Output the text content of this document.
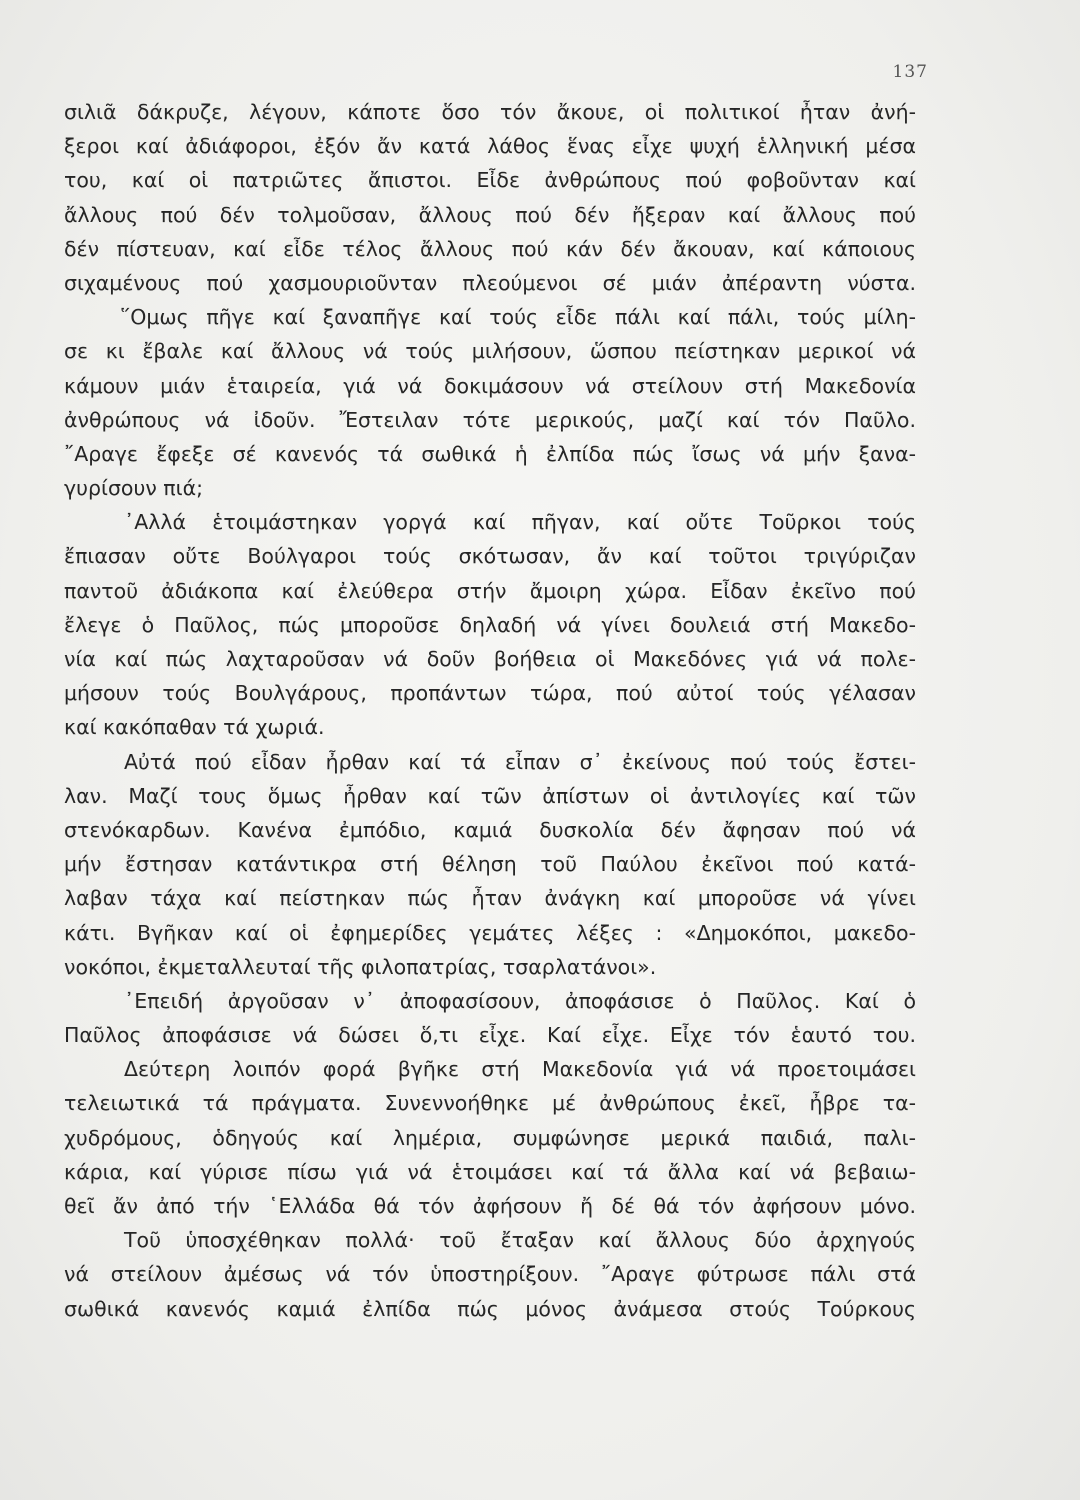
137
σιλιᾶ δάκρυζε, λέγουν, κάποτε ὅσο τόν ἄκουε, οἱ πολιτικοί ἦταν ἀνή-
ξεροι καί ἀδιάφοροι, ἐξόν ἄν κατά λάθος ἕνας εἶχε ψυχή ἑλληνική μέσα
του, καί οἱ πατριῶτες ἄπιστοι. Εἶδε ἀνθρώπους πού φοβοῦνταν καί
ἄλλους πού δέν τολμοῦσαν, ἄλλους πού δέν ἤξεραν καί ἄλλους πού
δέν πίστευαν, καί εἶδε τέλος ἄλλους πού κάν δέν ἄκουαν, καί κάποιους
σιχαμένους πού χασμουριοῦνταν πλεούμενοι σέ μιάν ἀπέραντη νύστα.
῞Ομως πῆγε καί ξαναπῆγε καί τούς εἶδε πάλι καί πάλι, τούς μίλη-
σε κι ἔβαλε καί ἄλλους νά τούς μιλήσουν, ὥσπου πείστηκαν μερικοί νά
κάμουν μιάν ἑταιρεία, γιά νά δοκιμάσουν νά στείλουν στή Μακεδονία
ἀνθρώπους νά ἰδοῦν. Ἔστειλαν τότε μερικούς, μαζί καί τόν Παῦλο.
῎Αραγε ἔφεξε σέ κανενός τά σωθικά ἡ ἐλπίδα πώς ἴσως νά μήν ξανα-
γυρίσουν πιά;
᾿Αλλά ἑτοιμάστηκαν γοργά καί πῆγαν, καί οὔτε Τοῦρκοι τούς
ἔπιασαν οὔτε Βούλγαροι τούς σκότωσαν, ἄν καί τοῦτοι τριγύριζαν
παντοῦ ἀδιάκοπα καί ἐλεύθερα στήν ἄμοιρη χώρα. Εἶδαν ἐκεῖνο πού
ἔλεγε ὁ Παῦλος, πώς μποροῦσε δηλαδή νά γίνει δουλειά στή Μακεδο-
νία καί πώς λαχταροῦσαν νά δοῦν βοήθεια οἱ Μακεδόνες γιά νά πολε-
μήσουν τούς Βουλγάρους, προπάντων τώρα, πού αὐτοί τούς γέλασαν
καί κακόπαθαν τά χωριά.
Αὐτά πού εἶδαν ἦρθαν καί τά εἶπαν σ᾿ ἐκείνους πού τούς ἔστει-
λαν. Μαζί τους ὅμως ἦρθαν καί τῶν ἀπίστων οἱ ἀντιλογίες καί τῶν
στενόκαρδων. Κανένα ἐμπόδιο, καμιά δυσκολία δέν ἄφησαν πού νά
μήν ἔστησαν κατάντικρα στή θέληση τοῦ Παύλου ἐκεῖνοι πού κατά-
λαβαν τάχα καί πείστηκαν πώς ἦταν ἀνάγκη καί μποροῦσε νά γίνει
κάτι. Βγῆκαν καί οἱ ἐφημερίδες γεμάτες λέξες : «Δημοκόποι, μακεδο-
νοκόποι, ἐκμεταλλευταί τῆς φιλοπατρίας, τσαρλατάνοι».
᾿Επειδή ἀργοῦσαν ν᾿ ἀποφασίσουν, ἀποφάσισε ὁ Παῦλος. Καί ὁ
Παῦλος ἀποφάσισε νά δώσει ὅ,τι εἶχε. Καί εἶχε. Εἶχε τόν ἑαυτό του.
Δεύτερη λοιπόν φορά βγῆκε στή Μακεδονία γιά νά προετοιμάσει
τελειωτικά τά πράγματα. Συνεννοήθηκε μέ ἀνθρώπους ἐκεῖ, ἦβρε τα-
χυδρόμους, ὁδηγούς καί λημέρια, συμφώνησε μερικά παιδιά, παλι-
κάρια, καί γύρισε πίσω γιά νά ἑτοιμάσει καί τά ἄλλα καί νά βεβαιω-
θεῖ ἄν ἀπό τήν ῾Ελλάδα θά τόν ἀφήσουν ἤ δέ θά τόν ἀφήσουν μόνο.
Τοῦ ὑποσχέθηκαν πολλά· τοῦ ἔταξαν καί ἄλλους δύο ἀρχηγούς
νά στείλουν ἀμέσως νά τόν ὑποστηρίξουν. ῎Αραγε φύτρωσε πάλι στά
σωθικά κανενός καμιά ἐλπίδα πώς μόνος ἀνάμεσα στούς Τούρκους
